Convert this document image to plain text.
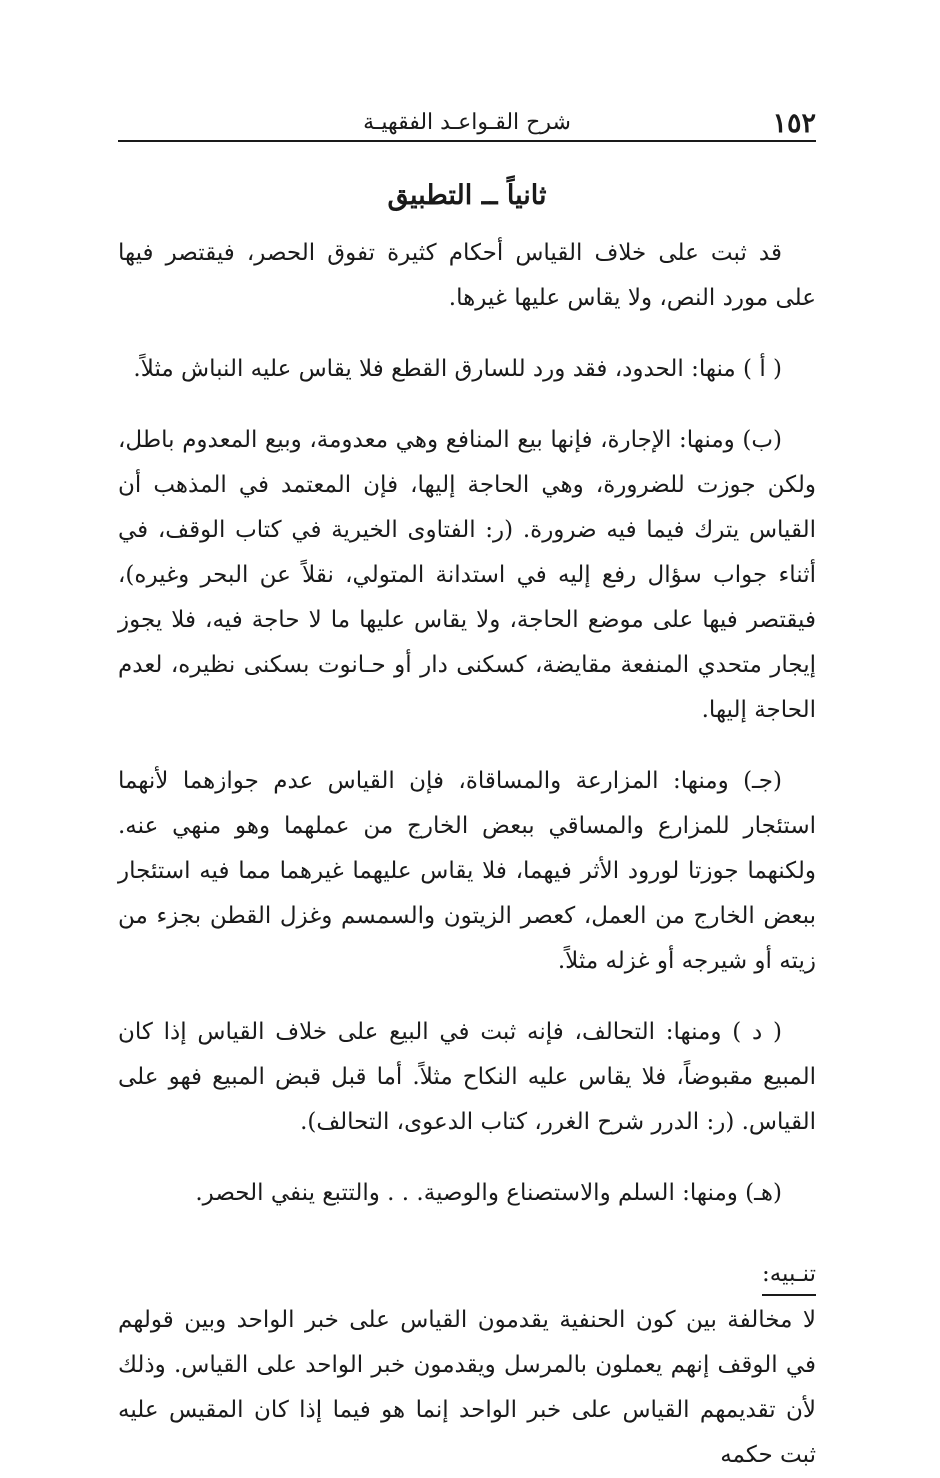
١٥٢
شرح القـواعـد الفقهيـة
ثانياً ــ التطبيق

قد ثبت على خلاف القياس أحكام كثيرة تفوق الحصر، فيقتصر فيها على مورد النص، ولا يقاس عليها غيرها.

( أ ) منها: الحدود، فقد ورد للسارق القطع فلا يقاس عليه النباش مثلاً.

(ب) ومنها: الإجارة، فإنها بيع المنافع وهي معدومة، وبيع المعدوم باطل، ولكن جوزت للضرورة، وهي الحاجة إليها، فإن المعتمد في المذهب أن القياس يترك فيما فيه ضرورة. (ر: الفتاوى الخيرية في كتاب الوقف، في أثناء جواب سؤال رفع إليه في استدانة المتولي، نقلاً عن البحر وغيره)، فيقتصر فيها على موضع الحاجة، ولا يقاس عليها ما لا حاجة فيه، فلا يجوز إيجار متحدي المنفعة مقايضة، كسكنى دار أو حـانوت بسكنى نظيره، لعدم الحاجة إليها.

(جـ) ومنها: المزارعة والمساقاة، فإن القياس عدم جوازهما لأنهما استئجار للمزارع والمساقي ببعض الخارج من عملهما وهو منهي عنه. ولكنهما جوزتا لورود الأثر فيهما، فلا يقاس عليهما غيرهما مما فيه استئجار ببعض الخارج من العمل، كعصر الزيتون والسمسم وغزل القطن بجزء من زيته أو شيرجه أو غزله مثلاً.

( د ) ومنها: التحالف، فإنه ثبت في البيع على خلاف القياس إذا كان المبيع مقبوضاً، فلا يقاس عليه النكاح مثلاً. أما قبل قبض المبيع فهو على القياس. (ر: الدرر شرح الغرر، كتاب الدعوى، التحالف).

(هـ) ومنها: السلم والاستصناع والوصية. . . والتتبع ينفي الحصر.

تنـبيه:

لا مخالفة بين كون الحنفية يقدمون القياس على خبر الواحد وبين قولهم في الوقف إنهم يعملون بالمرسل ويقدمون خبر الواحد على القياس. وذلك لأن تقديمهم القياس على خبر الواحد إنما هو فيما إذا كان المقيس عليه ثبت حكمه
